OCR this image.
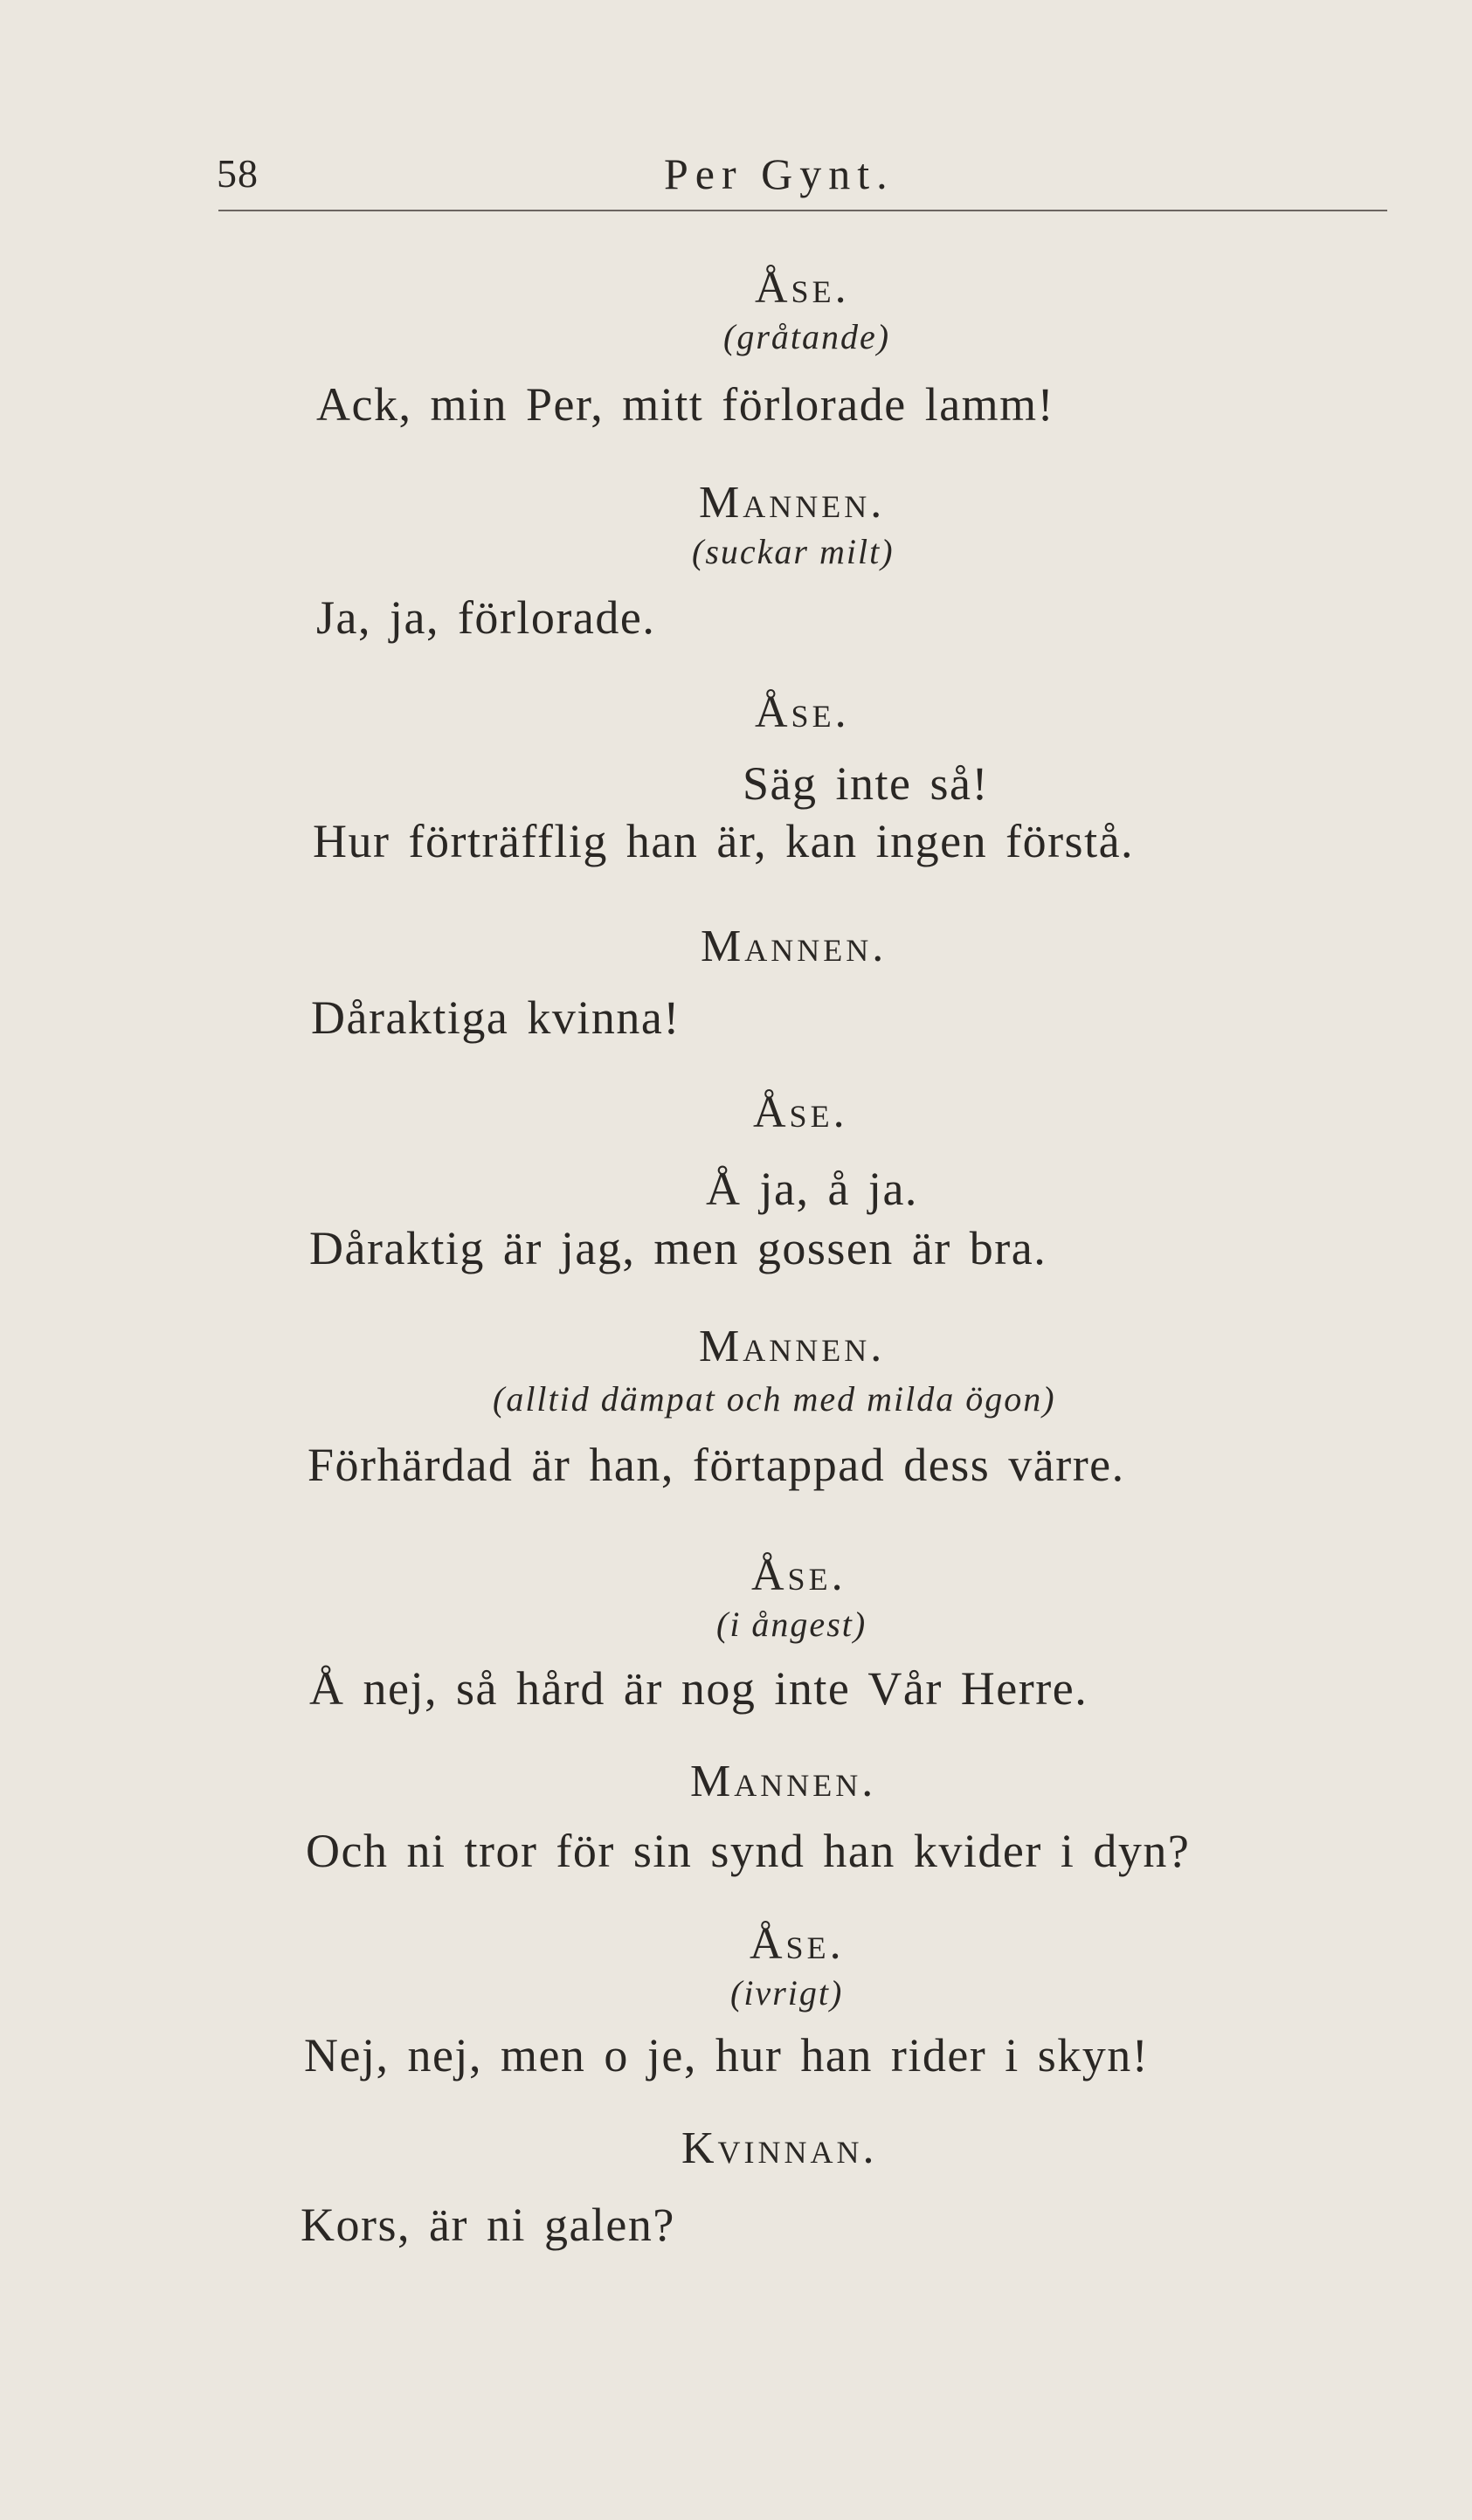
58	Per Gynt.
Åse.
(gråtande)
Ack, min Per, mitt förlorade lamm!
Mannen.
(suckar milt)
Ja, ja, förlorade.
Åse.
Säg inte så!
Hur förträfflig han är, kan ingen förstå.
Mannen.
Dåraktiga kvinna!
Åse.
Å ja, å ja.
Dåraktig är jag, men gossen är bra.
Mannen.
(alltid dämpat och med milda ögon)
Förhärdad är han, förtappad dess värre.
Åse.
(i ångest)
Å nej, så hård är nog inte Vår Herre.
Mannen.
Och ni tror för sin synd han kvider i dyn?
Åse.
(ivrigt)
Nej, nej, men o je, hur han rider i skyn!
Kvinnan.
Kors, är ni galen?
